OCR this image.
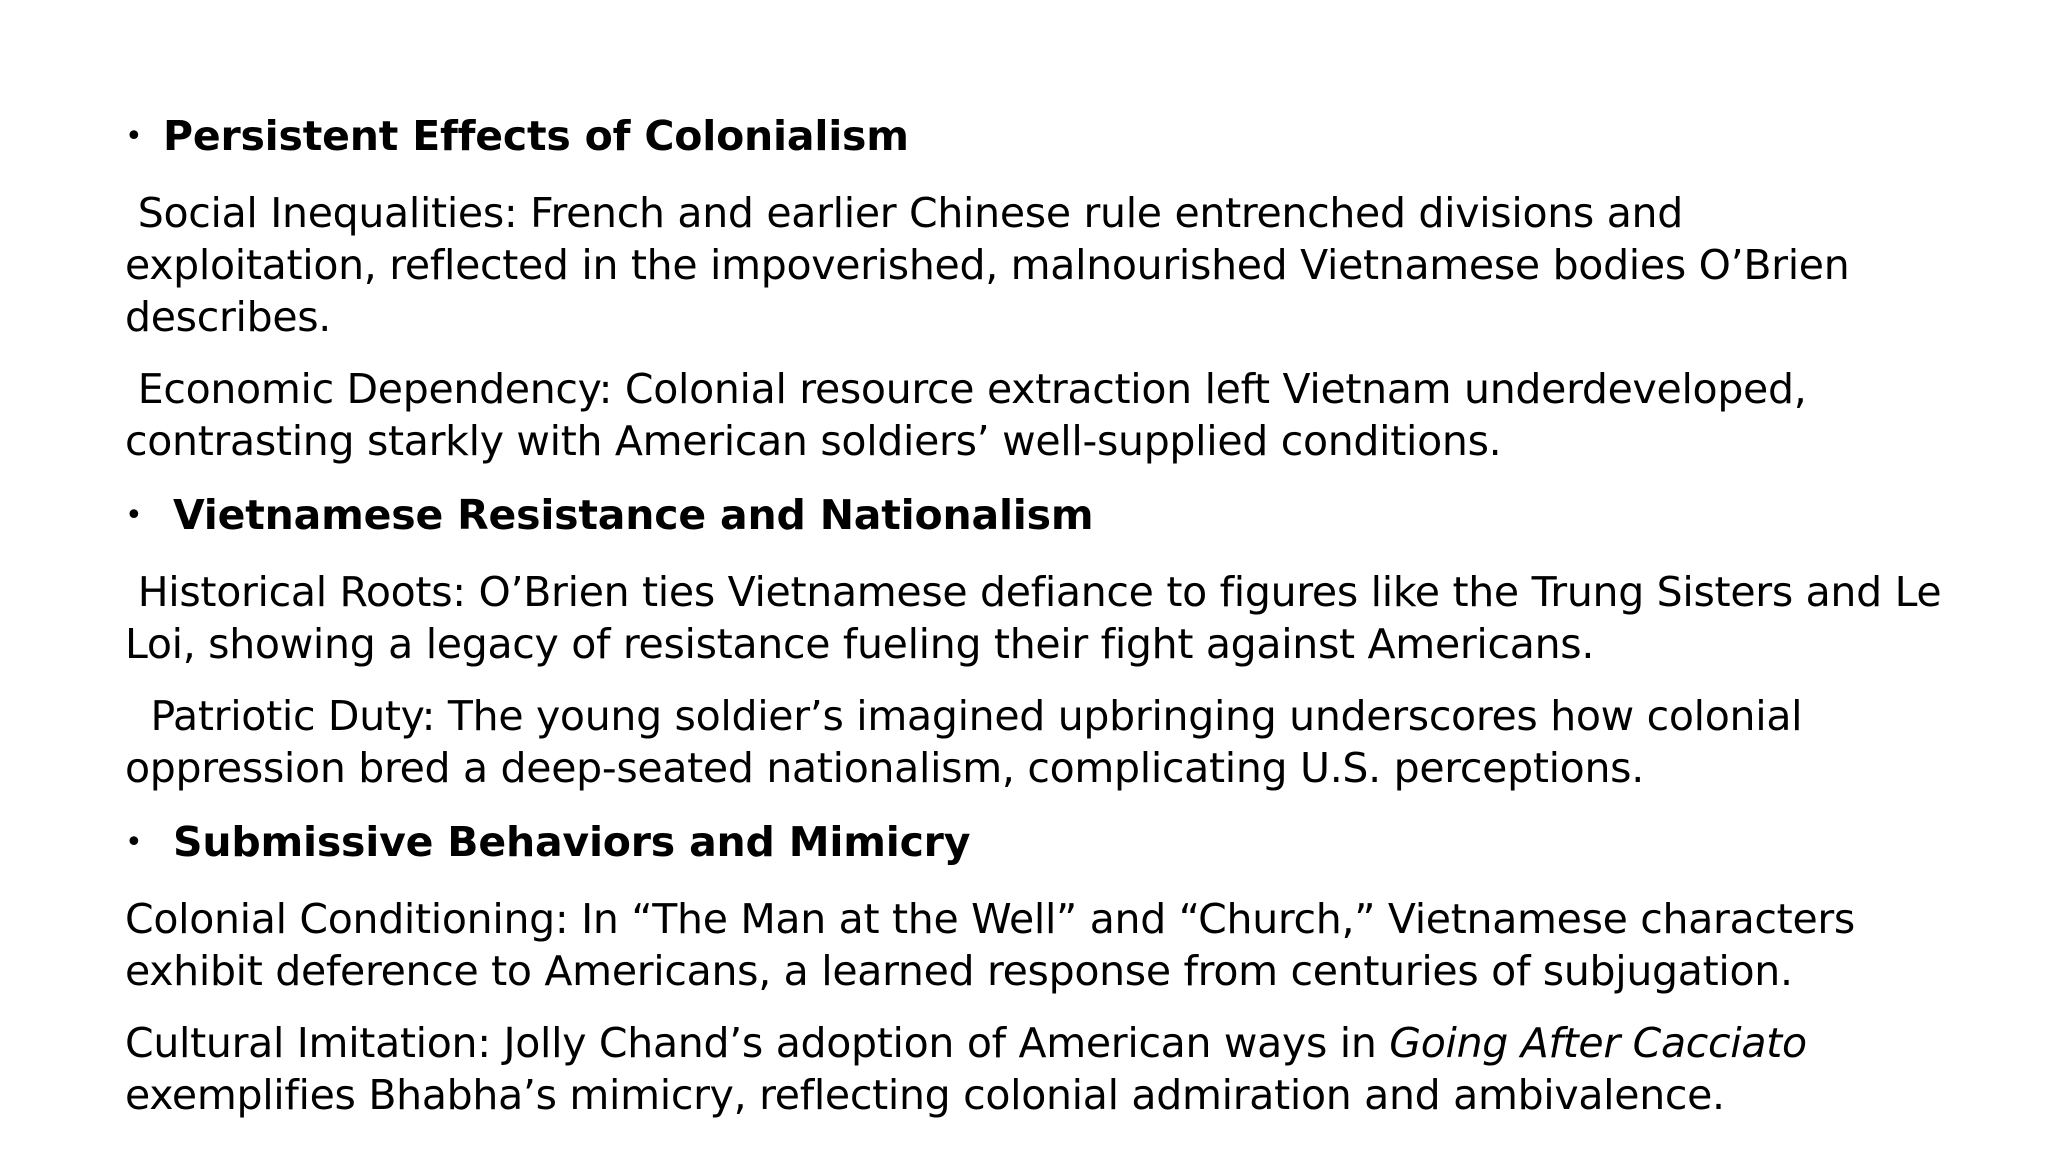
• Persistent Effects of Colonialism

Social Inequalities: French and earlier Chinese rule entrenched divisions and exploitation, reflected in the impoverished, malnourished Vietnamese bodies O’Brien describes.

Economic Dependency: Colonial resource extraction left Vietnam underdeveloped, contrasting starkly with American soldiers’ well-supplied conditions.

• Vietnamese Resistance and Nationalism

Historical Roots: O’Brien ties Vietnamese defiance to figures like the Trung Sisters and Le Loi, showing a legacy of resistance fueling their fight against Americans.

Patriotic Duty: The young soldier’s imagined upbringing underscores how colonial oppression bred a deep-seated nationalism, complicating U.S. perceptions.

• Submissive Behaviors and Mimicry

Colonial Conditioning: In “The Man at the Well” and “Church,” Vietnamese characters exhibit deference to Americans, a learned response from centuries of subjugation.

Cultural Imitation: Jolly Chand’s adoption of American ways in Going After Cacciato exemplifies Bhabha’s mimicry, reflecting colonial admiration and ambivalence.
